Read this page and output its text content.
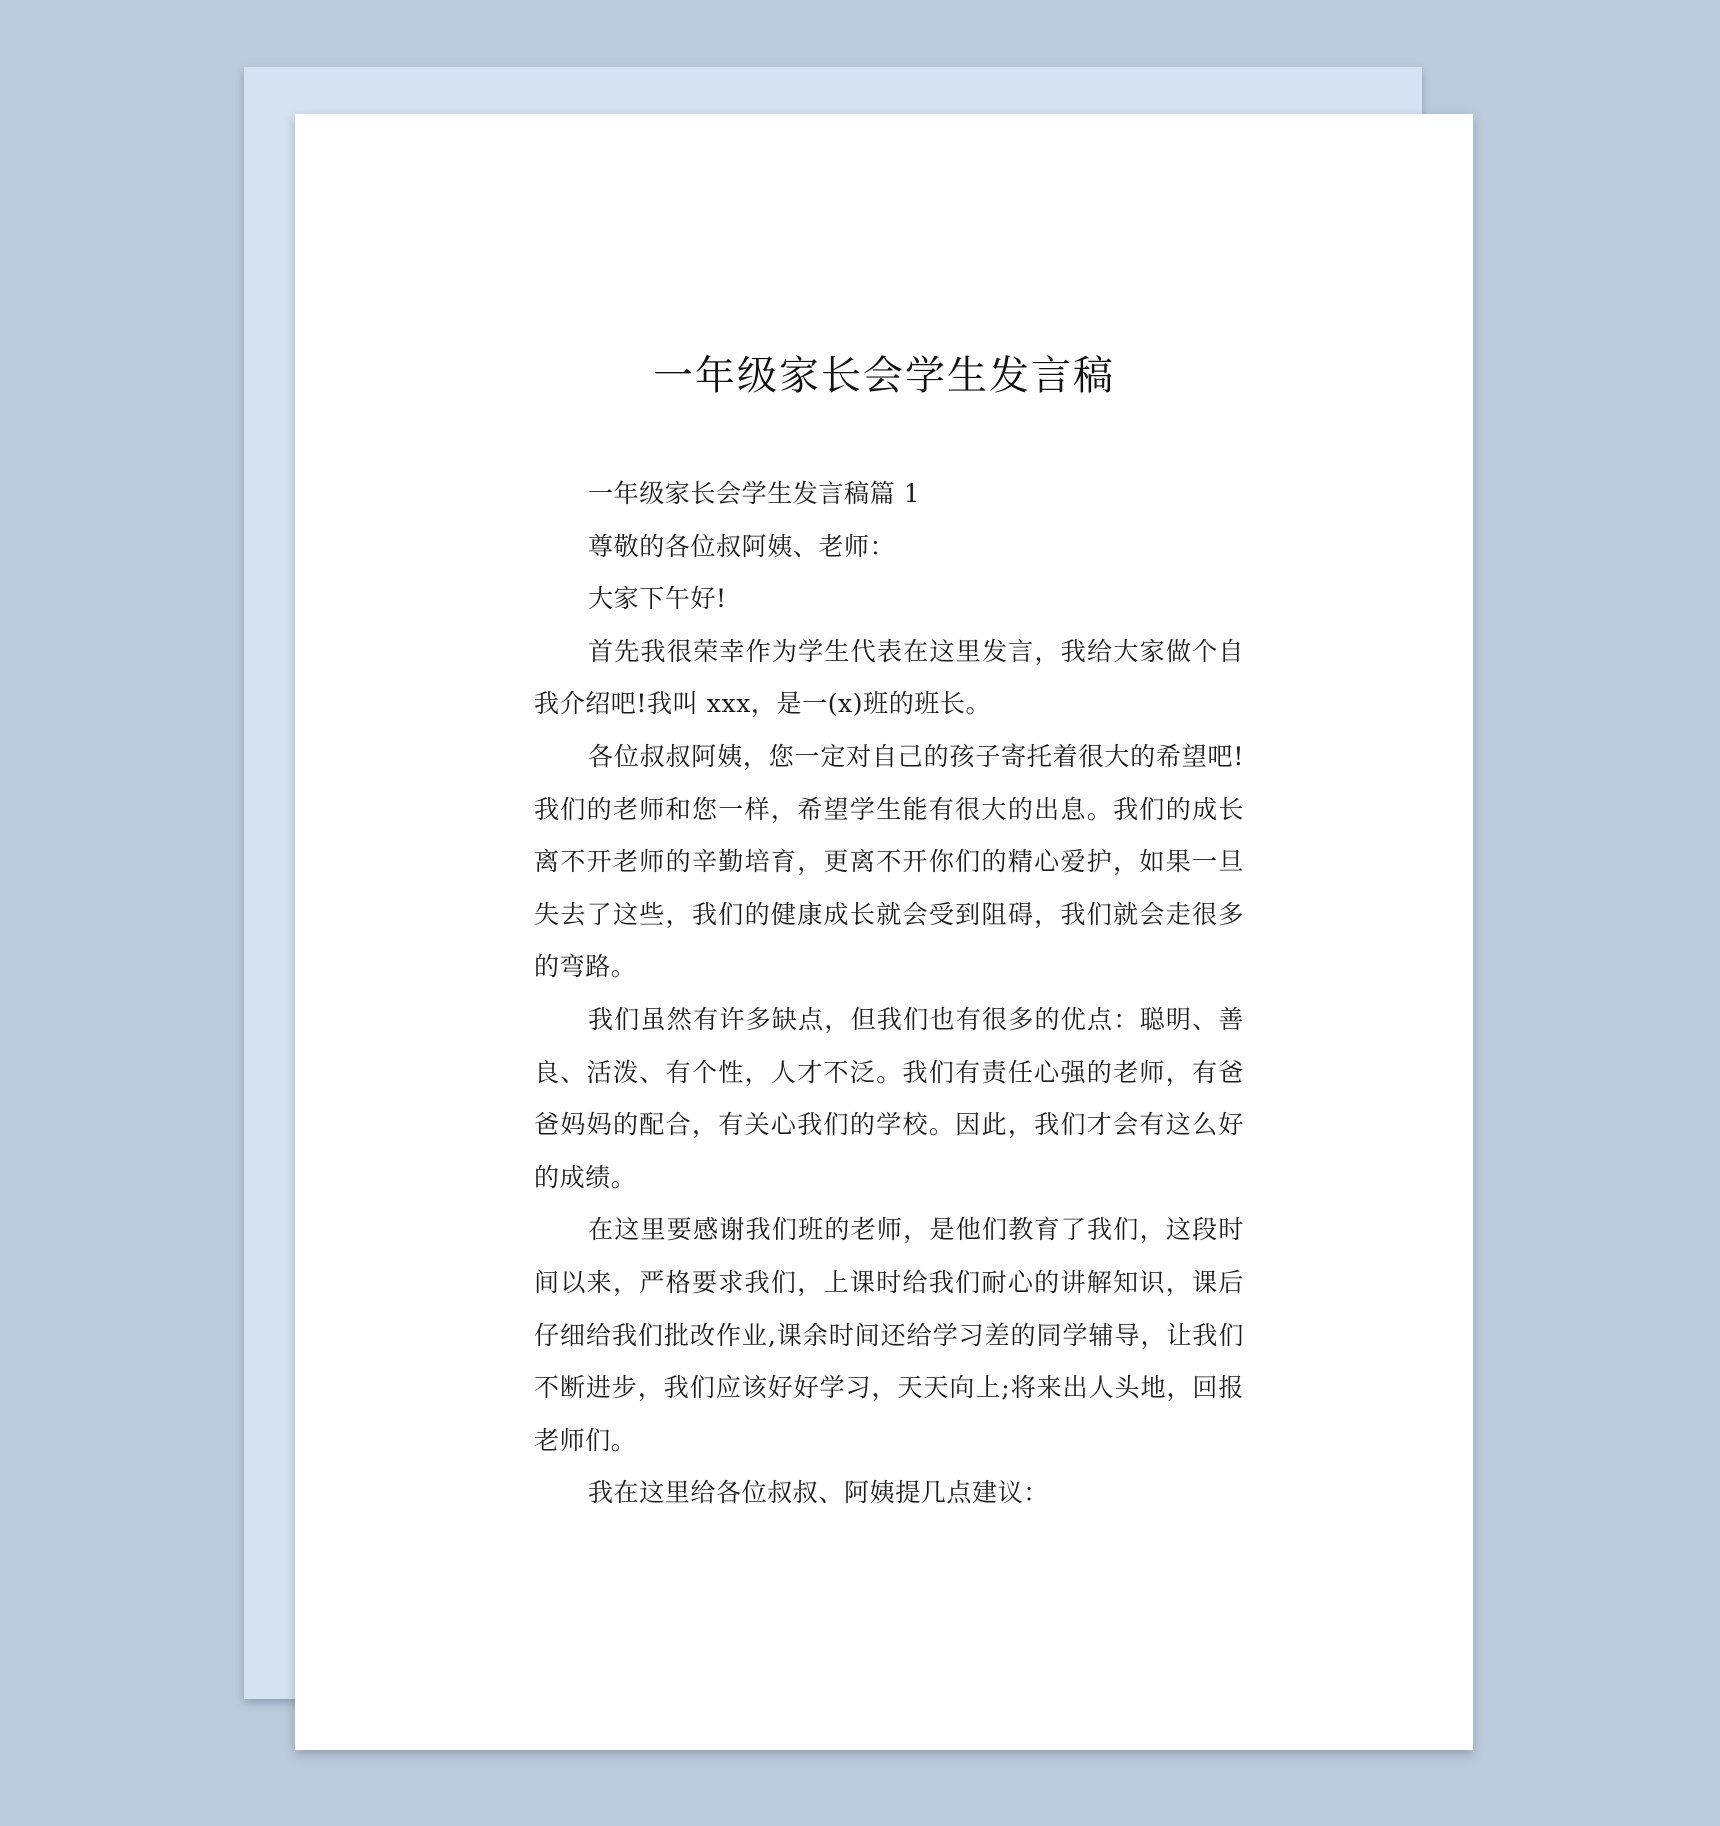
一年级家长会学生发言稿

一年级家长会学生发言稿篇 1

尊敬的各位叔阿姨、老师：

大家下午好!

首先我很荣幸作为学生代表在这里发言，我给大家做个自我介绍吧!我叫 xxx，是一(x)班的班长。

各位叔叔阿姨，您一定对自己的孩子寄托着很大的希望吧!我们的老师和您一样，希望学生能有很大的出息。我们的成长离不开老师的辛勤培育，更离不开你们的精心爱护，如果一旦失去了这些，我们的健康成长就会受到阻碍，我们就会走很多的弯路。

我们虽然有许多缺点，但我们也有很多的优点：聪明、善良、活泼、有个性，人才不泛。我们有责任心强的老师，有爸爸妈妈的配合，有关心我们的学校。因此，我们才会有这么好的成绩。

在这里要感谢我们班的老师，是他们教育了我们，这段时间以来，严格要求我们，上课时给我们耐心的讲解知识，课后仔细给我们批改作业,课余时间还给学习差的同学辅导，让我们不断进步，我们应该好好学习，天天向上;将来出人头地，回报老师们。

我在这里给各位叔叔、阿姨提几点建议：
